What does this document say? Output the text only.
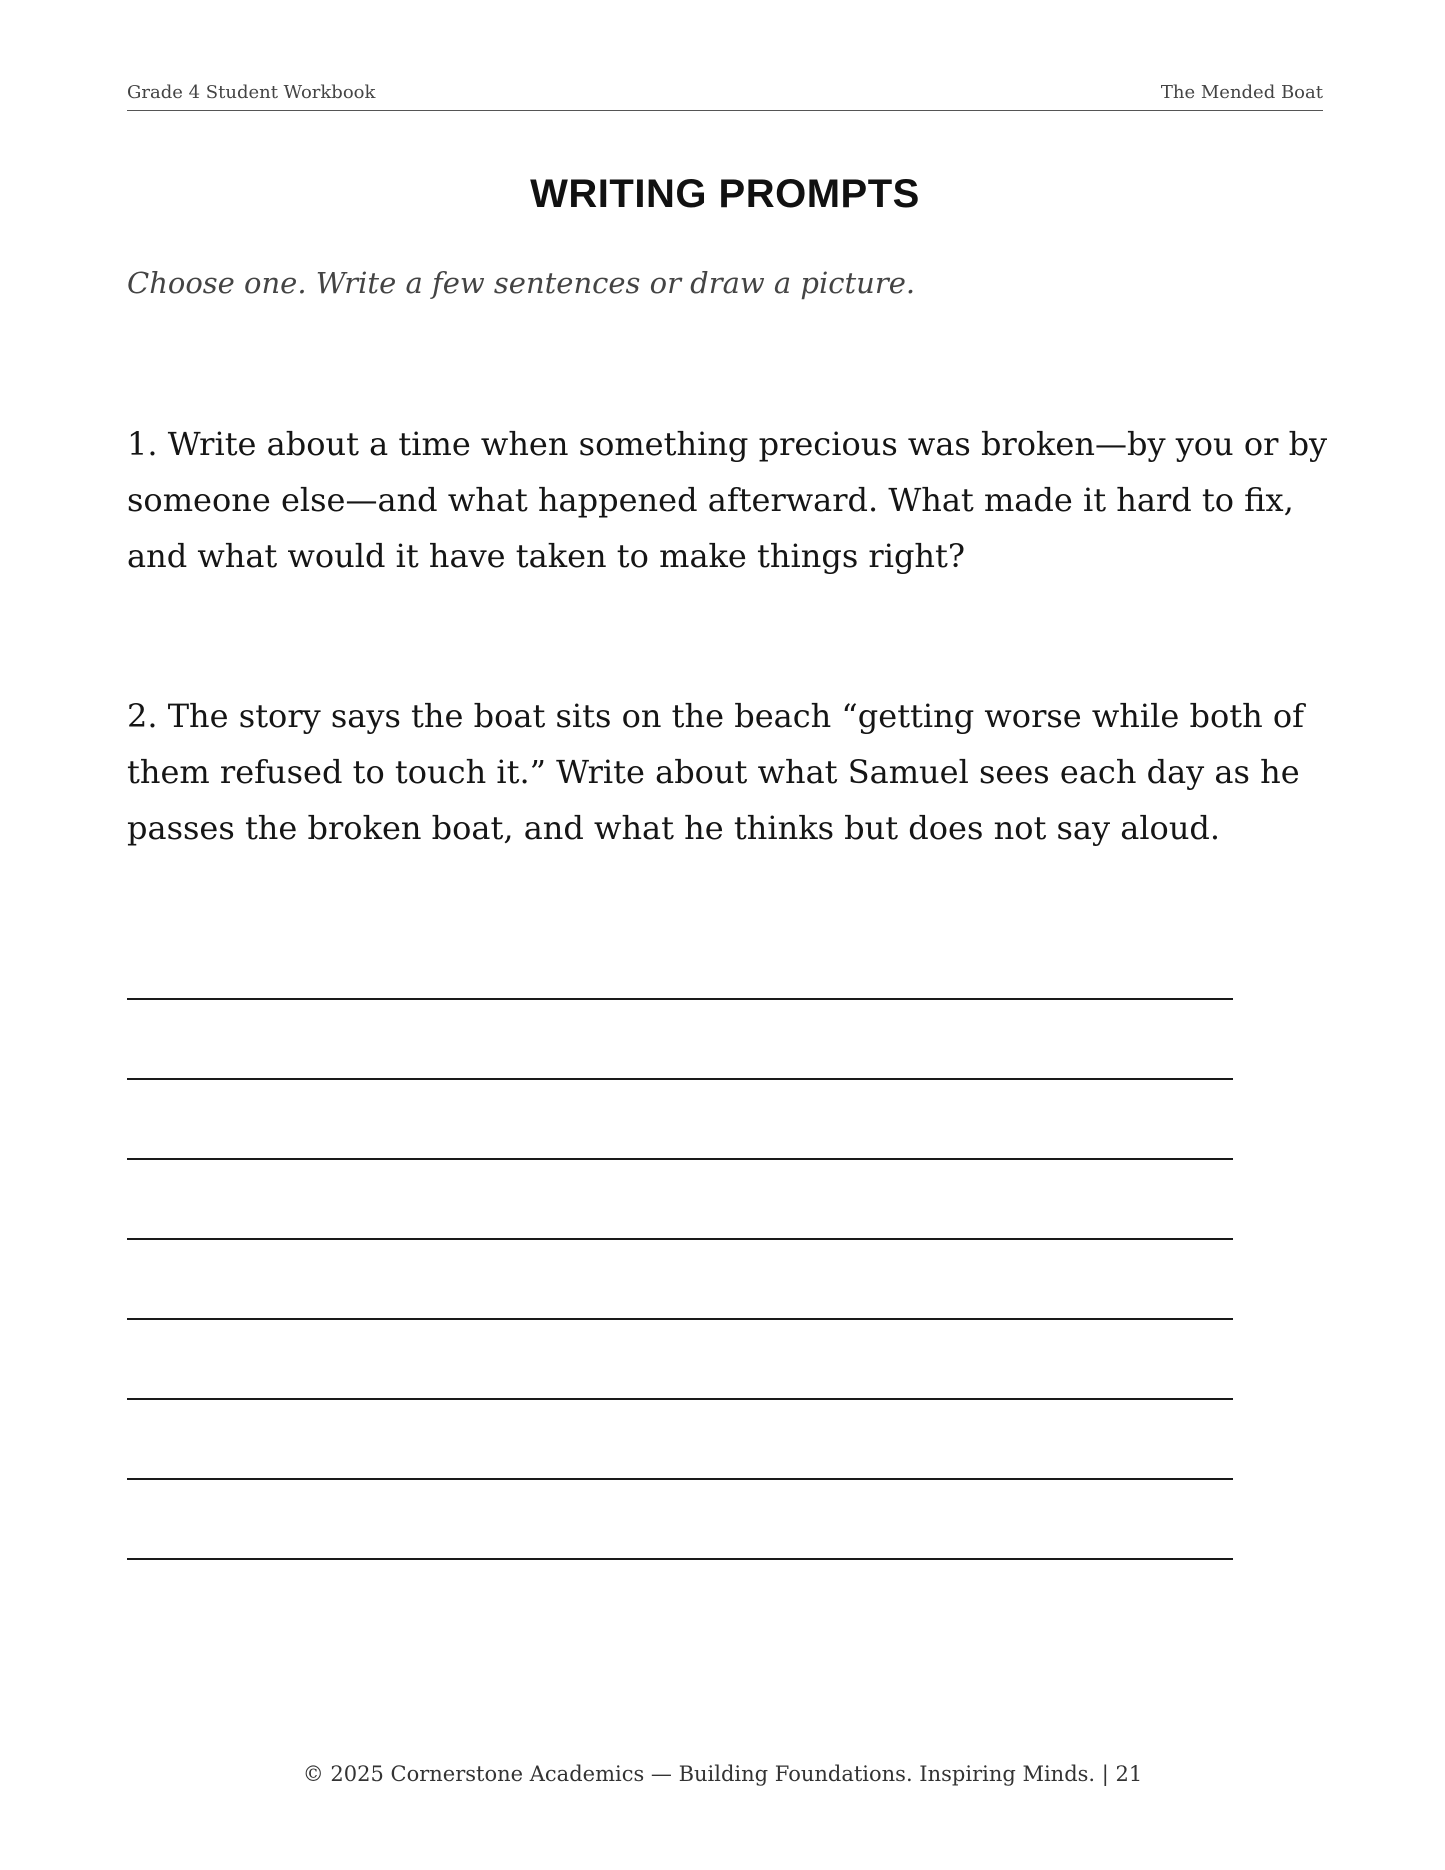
Grade 4 Student Workbook	The Mended Boat
WRITING PROMPTS
Choose one. Write a few sentences or draw a picture.
1. Write about a time when something precious was broken—by you or by someone else—and what happened afterward. What made it hard to fix, and what would it have taken to make things right?
2. The story says the boat sits on the beach “getting worse while both of them refused to touch it.” Write about what Samuel sees each day as he passes the broken boat, and what he thinks but does not say aloud.
© 2025 Cornerstone Academics — Building Foundations. Inspiring Minds. | 21
